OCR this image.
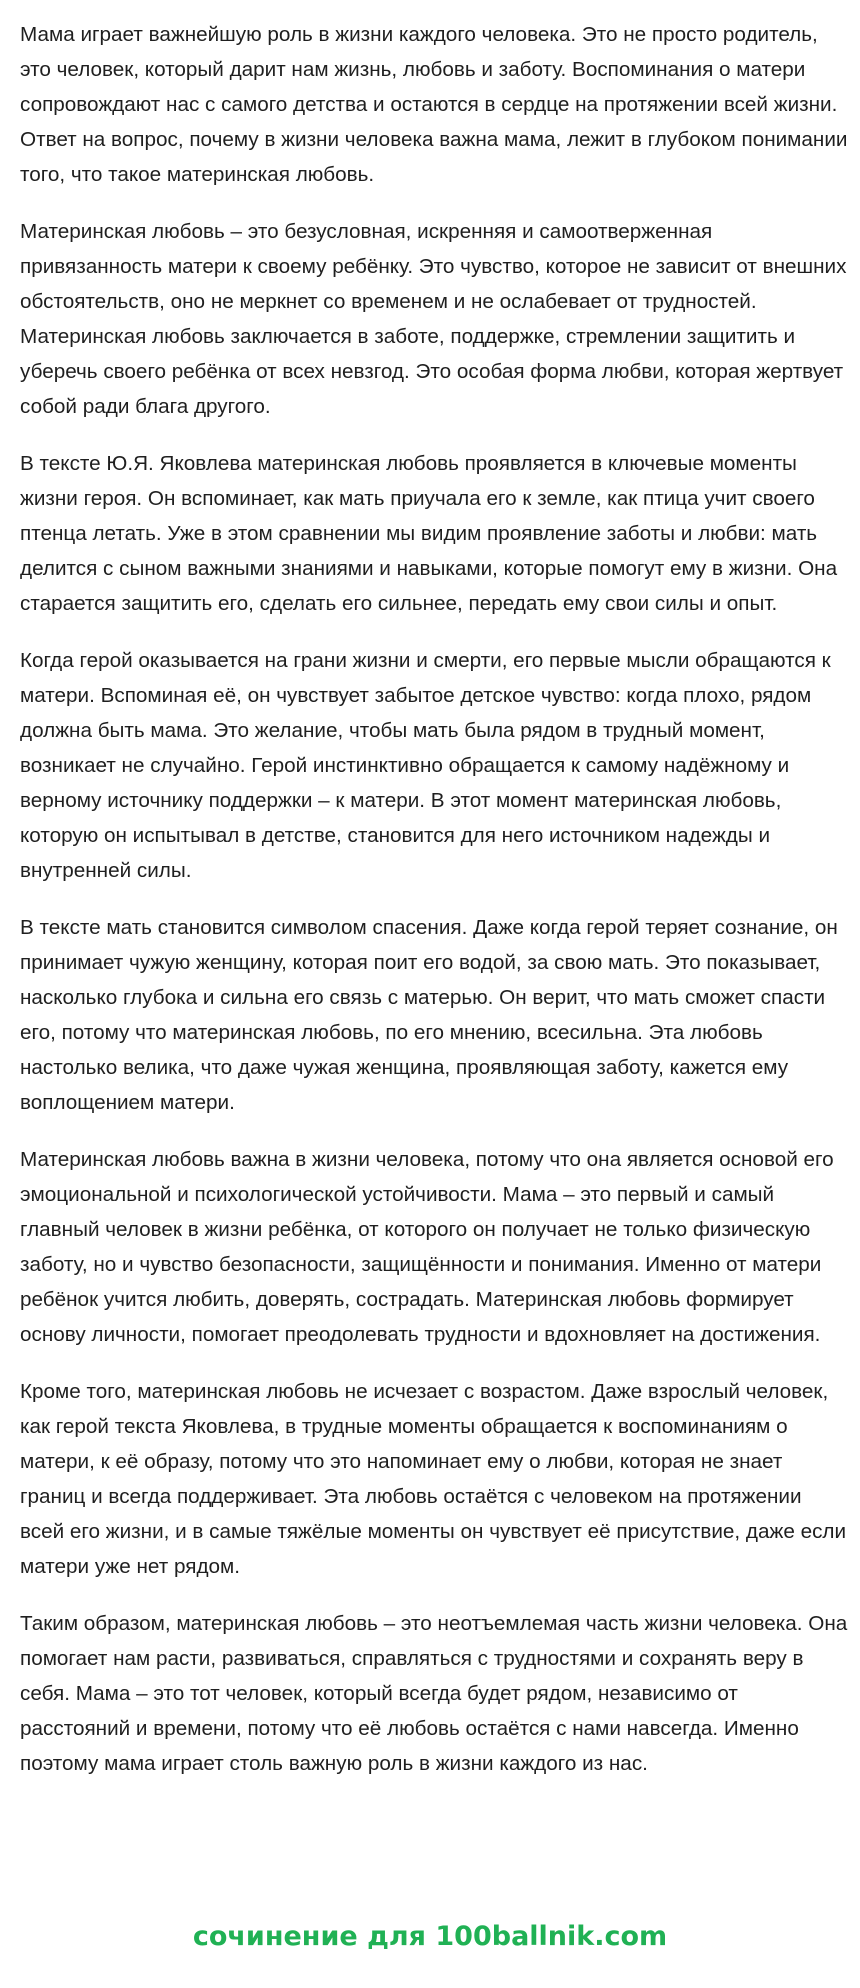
Мама играет важнейшую роль в жизни каждого человека. Это не просто родитель, это человек, который дарит нам жизнь, любовь и заботу. Воспоминания о матери сопровождают нас с самого детства и остаются в сердце на протяжении всей жизни. Ответ на вопрос, почему в жизни человека важна мама, лежит в глубоком понимании того, что такое материнская любовь.

Материнская любовь – это безусловная, искренняя и самоотверженная привязанность матери к своему ребёнку. Это чувство, которое не зависит от внешних обстоятельств, оно не меркнет со временем и не ослабевает от трудностей. Материнская любовь заключается в заботе, поддержке, стремлении защитить и уберечь своего ребёнка от всех невзгод. Это особая форма любви, которая жертвует собой ради блага другого.

В тексте Ю.Я. Яковлева материнская любовь проявляется в ключевые моменты жизни героя. Он вспоминает, как мать приучала его к земле, как птица учит своего птенца летать. Уже в этом сравнении мы видим проявление заботы и любви: мать делится с сыном важными знаниями и навыками, которые помогут ему в жизни. Она старается защитить его, сделать его сильнее, передать ему свои силы и опыт.

Когда герой оказывается на грани жизни и смерти, его первые мысли обращаются к матери. Вспоминая её, он чувствует забытое детское чувство: когда плохо, рядом должна быть мама. Это желание, чтобы мать была рядом в трудный момент, возникает не случайно. Герой инстинктивно обращается к самому надёжному и верному источнику поддержки – к матери. В этот момент материнская любовь, которую он испытывал в детстве, становится для него источником надежды и внутренней силы.

В тексте мать становится символом спасения. Даже когда герой теряет сознание, он принимает чужую женщину, которая поит его водой, за свою мать. Это показывает, насколько глубока и сильна его связь с матерью. Он верит, что мать сможет спасти его, потому что материнская любовь, по его мнению, всесильна. Эта любовь настолько велика, что даже чужая женщина, проявляющая заботу, кажется ему воплощением матери.

Материнская любовь важна в жизни человека, потому что она является основой его эмоциональной и психологической устойчивости. Мама – это первый и самый главный человек в жизни ребёнка, от которого он получает не только физическую заботу, но и чувство безопасности, защищённости и понимания. Именно от матери ребёнок учится любить, доверять, сострадать. Материнская любовь формирует основу личности, помогает преодолевать трудности и вдохновляет на достижения.

Кроме того, материнская любовь не исчезает с возрастом. Даже взрослый человек, как герой текста Яковлева, в трудные моменты обращается к воспоминаниям о матери, к её образу, потому что это напоминает ему о любви, которая не знает границ и всегда поддерживает. Эта любовь остаётся с человеком на протяжении всей его жизни, и в самые тяжёлые моменты он чувствует её присутствие, даже если матери уже нет рядом.

Таким образом, материнская любовь – это неотъемлемая часть жизни человека. Она помогает нам расти, развиваться, справляться с трудностями и сохранять веру в себя. Мама – это тот человек, который всегда будет рядом, независимо от расстояний и времени, потому что её любовь остаётся с нами навсегда. Именно поэтому мама играет столь важную роль в жизни каждого из нас.

сочинение для 100ballnik.com
